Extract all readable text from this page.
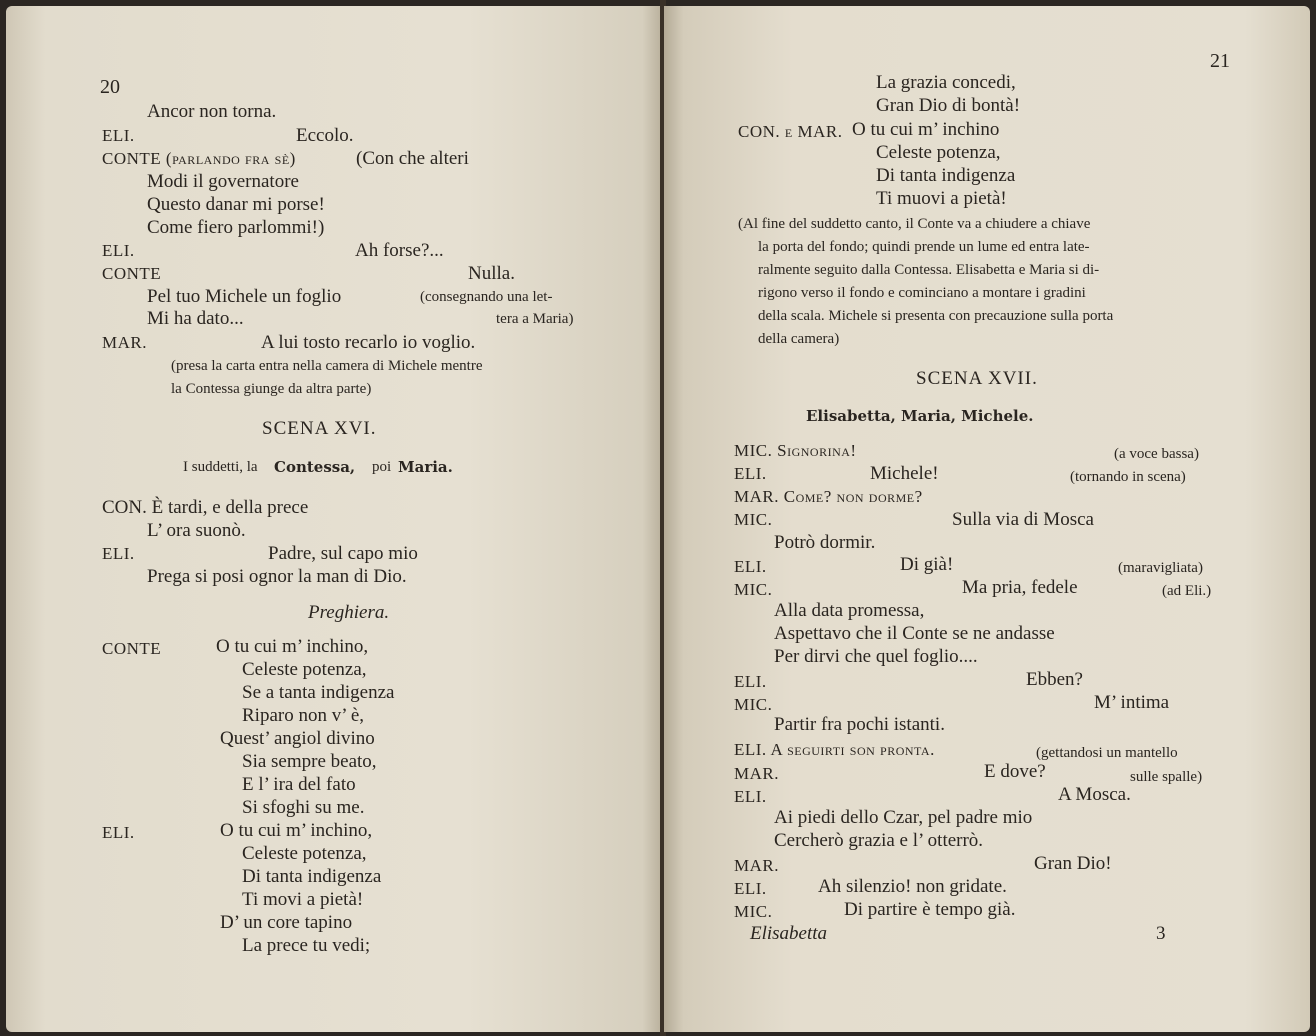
20
Ancor non torna.
ELI.	Eccolo.
CONTE (parlando fra sè)	(Con che alteri
Modi il governatore
Questo danar mi porse!
Come fiero parlommi!)
ELI.	Ah forse?...
CONTE	Nulla.
Pel tuo Michele un foglio	(consegnando una let-
Mi ha dato...	tera a Maria)
MAR.	A lui tosto recarlo io voglio.
(presa la carta entra nella camera di Michele mentre
la Contessa giunge da altra parte)
SCENA XVI.
I suddetti, la Contessa, poi Maria.
CON. È tardi, e della prece
L’ ora suonò.
ELI.	Padre, sul capo mio
Prega si posi ognor la man di Dio.
Preghiera.
CONTE	O tu cui m’ inchino,
Celeste potenza,
Se a tanta indigenza
Riparo non v’ è,
Quest’ angiol divino
Sia sempre beato,
E l’ ira del fato
Si sfoghi su me.
ELI.	O tu cui m’ inchino,
Celeste potenza,
Di tanta indigenza
Ti movi a pietà!
D’ un core tapino
La prece tu vedi;
21
La grazia concedi,
Gran Dio di bontà!
CON. e MAR. O tu cui m’ inchino
Celeste potenza,
Di tanta indigenza
Ti muovi a pietà!
(Al fine del suddetto canto, il Conte va a chiudere a chiave
la porta del fondo; quindi prende un lume ed entra late-
ralmente seguito dalla Contessa. Elisabetta e Maria si di-
rigono verso il fondo e cominciano a montare i gradini
della scala. Michele si presenta con precauzione sulla porta
della camera)
SCENA XVII.
Elisabetta, Maria, Michele.
MIC. Signorina!	(a voce bassa)
ELI.	Michele!	(tornando in scena)
MAR. Come? non dorme?
MIC.	Sulla via di Mosca
Potrò dormir.
ELI.	Di già!	(maravigliata)
MIC.	Ma pria, fedele	(ad Eli.)
Alla data promessa,
Aspettavo che il Conte se ne andasse
Per dirvi che quel foglio....
ELI.	Ebben?
MIC.	M’ intima
Partir fra pochi istanti.
ELI. A seguirti son pronta.	(gettandosi un mantello
MAR.	E dove?	sulle spalle)
ELI.	A Mosca.
Ai piedi dello Czar, pel padre mio
Cercherò grazia e l’ otterrò.
MAR.	Gran Dio!
ELI.	Ah silenzio! non gridate.
MIC.	Di partire è tempo già.
Elisabetta	3
